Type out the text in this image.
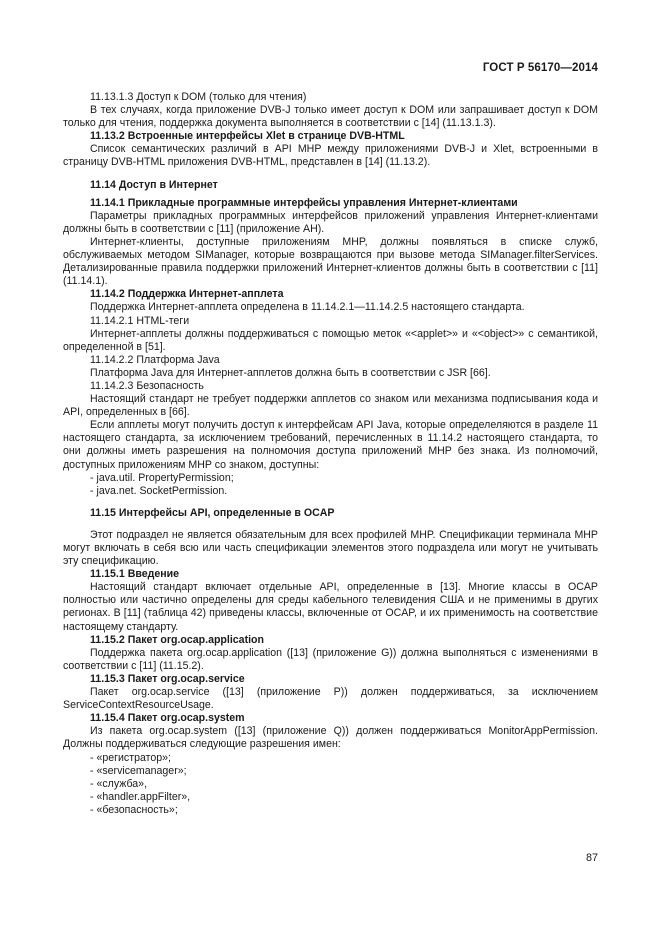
ГОСТ Р 56170—2014

11.13.1.3 Доступ к DOM (только для чтения)

В тех случаях, когда приложение DVB-J только имеет доступ к DOM или запрашивает доступ к DOM только для чтения, поддержка документа выполняется в соответствии с [14] (11.13.1.3).

11.13.2 Встроенные интерфейсы Xlet в странице DVB-HTML

Список семантических различий в API MHP между приложениями DVB-J и Xlet, встроенными в страницу DVB-HTML приложения DVB-HTML, представлен в [14] (11.13.2).

11.14 Доступ в Интернет

11.14.1 Прикладные программные интерфейсы управления Интернет-клиентами

Параметры прикладных программных интерфейсов приложений управления Интернет-клиентами должны быть в соответствии с [11] (приложение AH).

Интернет-клиенты, доступные приложениям MHP, должны появляться в списке служб, обслуживаемых методом SIManager, которые возвращаются при вызове метода SIManager.filterServices. Детализированные правила поддержки приложений Интернет-клиентов должны быть в соответствии с [11] (11.14.1).

11.14.2 Поддержка Интернет-апплета

Поддержка Интернет-апплета определена в 11.14.2.1—11.14.2.5 настоящего стандарта.

11.14.2.1 HTML-теги

Интернет-апплеты должны поддерживаться с помощью меток «<applet>» и «<object>» с семантикой, определенной в [51].

11.14.2.2 Платформа Java

Платформа Java для Интернет-апплетов должна быть в соответствии с JSR [66].

11.14.2.3 Безопасность

Настоящий стандарт не требует поддержки апплетов со знаком или механизма подписывания кода и API, определенных в [66].

Если апплеты могут получить доступ к интерфейсам API Java, которые определеляются в разделе 11 настоящего стандарта, за исключением требований, перечисленных в 11.14.2 настоящего стандарта, то они должны иметь разрешения на полномочия доступа приложений MHP без знака. Из полномочий, доступных приложениям MHP со знаком, доступны:

- java.util. PropertyPermission;

- java.net. SocketPermission.

11.15 Интерфейсы API, определенные в OCAP

Этот подраздел не является обязательным для всех профилей MHP. Спецификации терминала MHP могут включать в себя всю или часть спецификации элементов этого подраздела или могут не учитывать эту спецификацию.

11.15.1 Введение

Настоящий стандарт включает отдельные API, определенные в [13]. Многие классы в OCAP полностью или частично определены для среды кабельного телевидения США и не применимы в других регионах. В [11] (таблица 42) приведены классы, включенные от OCAP, и их применимость на соответствие настоящему стандарту.

11.15.2 Пакет org.ocap.application

Поддержка пакета org.ocap.application ([13] (приложение G)) должна выполняться с изменениями в соответствии с [11] (11.15.2).

11.15.3 Пакет org.ocap.service

Пакет org.ocap.service ([13] (приложение P)) должен поддерживаться, за исключением ServiceContextResourceUsage.

11.15.4 Пакет org.ocap.system

Из пакета org.ocap.system ([13] (приложение Q)) должен поддерживаться MonitorAppPermission. Должны поддерживаться следующие разрешения имен:

- «регистратор»;

- «servicemanager»;

- «служба»,

- «handler.appFilter»,

- «безопасность»;

87
